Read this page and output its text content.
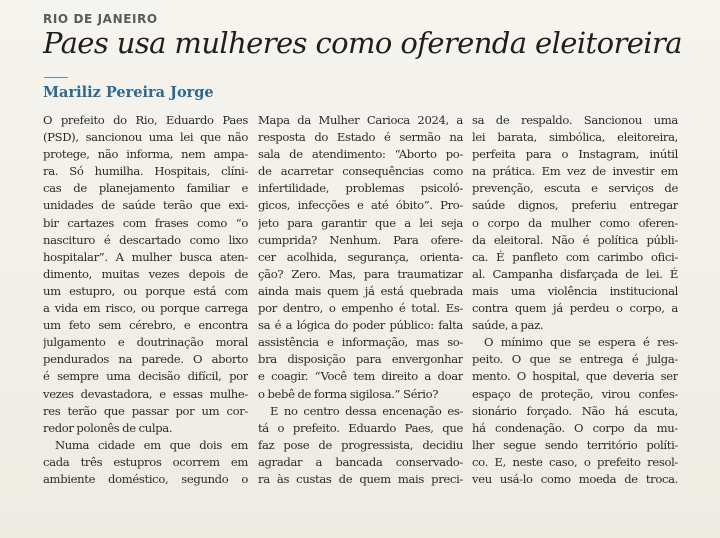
RIO DE JANEIRO
Paes usa mulheres como oferenda eleitoreira
Mariliz Pereira Jorge
O prefeito do Rio, Eduardo Paes
(PSD), sancionou uma lei que não
protege, não informa, nem ampa-
ra. Só humilha. Hospitais, clíni-
cas de planejamento familiar e
unidades de saúde terão que exi-
bir cartazes com frases como “o
nascituro é descartado como lixo
hospitalar”. A mulher busca aten-
dimento, muitas vezes depois de
um estupro, ou porque está com
a vida em risco, ou porque carrega
um feto sem cérebro, e encontra
julgamento e doutrinação moral
pendurados na parede. O aborto
é sempre uma decisão difícil, por
vezes devastadora, e essas mulhe-
res terão que passar por um cor-
redor polonês de culpa.
Numa cidade em que dois em
cada três estupros ocorrem em
ambiente doméstico, segundo o
Mapa da Mulher Carioca 2024, a
resposta do Estado é sermão na
sala de atendimento: “Aborto po-
de acarretar consequências como
infertilidade, problemas psicoló-
gicos, infecções e até óbito”. Pro-
jeto para garantir que a lei seja
cumprida? Nenhum. Para ofere-
cer acolhida, segurança, orienta-
ção? Zero. Mas, para traumatizar
ainda mais quem já está quebrada
por dentro, o empenho é total. Es-
sa é a lógica do poder público: falta
assistência e informação, mas so-
bra disposição para envergonhar
e coagir. “Você tem direito a doar
o bebê de forma sigilosa.” Sério?
E no centro dessa encenação es-
tá o prefeito. Eduardo Paes, que
faz pose de progressista, decidiu
agradar a bancada conservado-
ra às custas de quem mais preci-
sa de respaldo. Sancionou uma
lei barata, simbólica, eleitoreira,
perfeita para o Instagram, inútil
na prática. Em vez de investir em
prevenção, escuta e serviços de
saúde dignos, preferiu entregar
o corpo da mulher como oferen-
da eleitoral. Não é política públi-
ca. É panfleto com carimbo ofici-
al. Campanha disfarçada de lei. É
mais uma violência institucional
contra quem já perdeu o corpo, a
saúde, a paz.
O mínimo que se espera é res-
peito. O que se entrega é julga-
mento. O hospital, que deveria ser
espaço de proteção, virou confes-
sionário forçado. Não há escuta,
há condenação. O corpo da mu-
lher segue sendo território políti-
co. E, neste caso, o prefeito resol-
veu usá-lo como moeda de troca.
